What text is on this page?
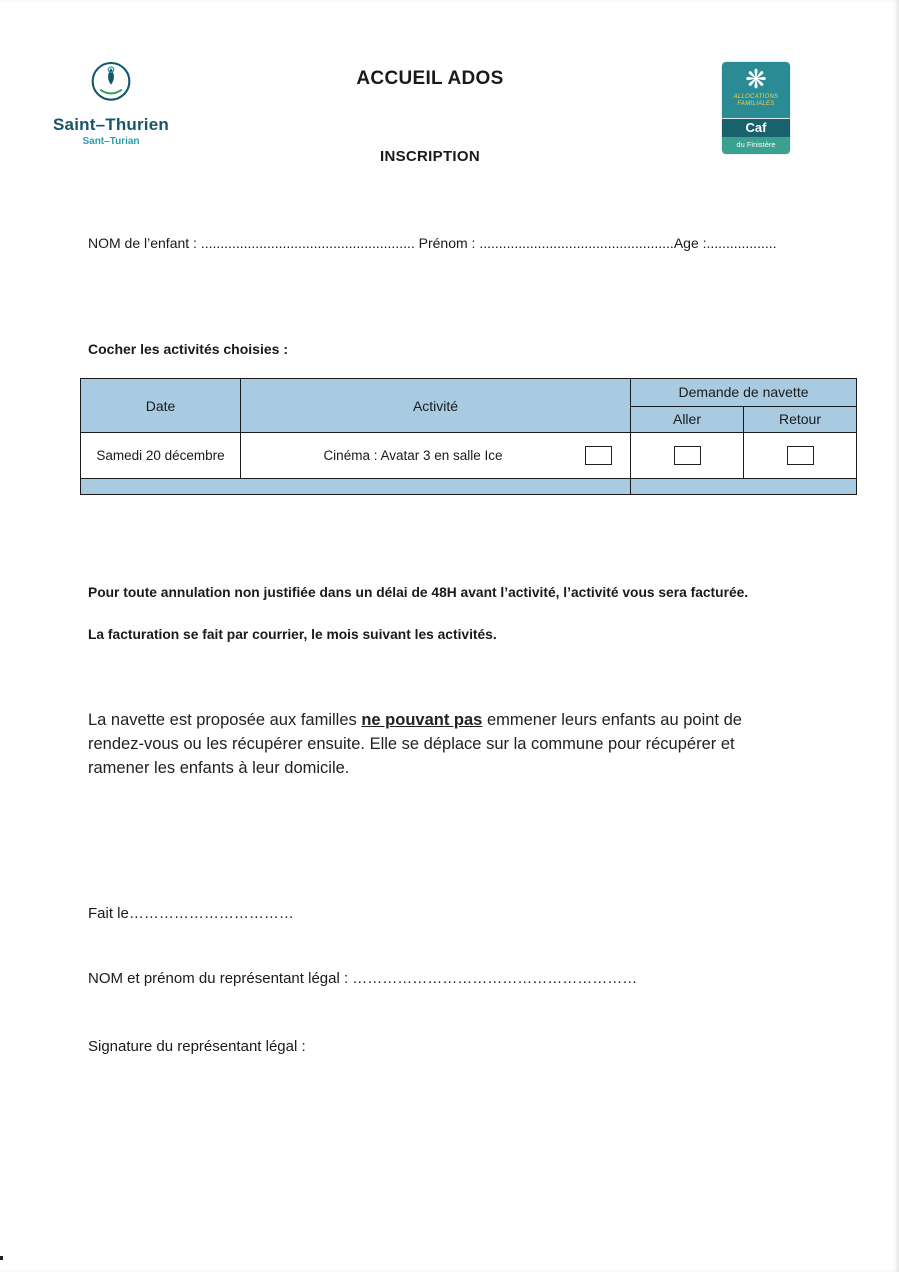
Saint–Thurien
Sant–Turian
ACCUEIL ADOS
INSCRIPTION
❋
ALLOCATIONS
FAMILIALES
Caf
du Finistère
NOM de l’enfant : ....................................................... Prénom : ..................................................Age :..................
Cocher les activités choisies :
Date	Activité	Demande de navette	
		Aller	Retour
Samedi 20 décembre	Cinéma : Avatar 3 en salle Ice		

Pour toute annulation non justifiée dans un délai de 48H avant l’activité, l’activité vous sera facturée.
La facturation se fait par courrier, le mois suivant les activités.
La navette est proposée aux familles ne pouvant pas emmener leurs enfants au point de rendez-vous ou les récupérer ensuite. Elle se déplace sur la commune pour récupérer et ramener les enfants à leur domicile.
Fait le……………………………
NOM et prénom du représentant légal : …………………………………………………
Signature du représentant légal :
